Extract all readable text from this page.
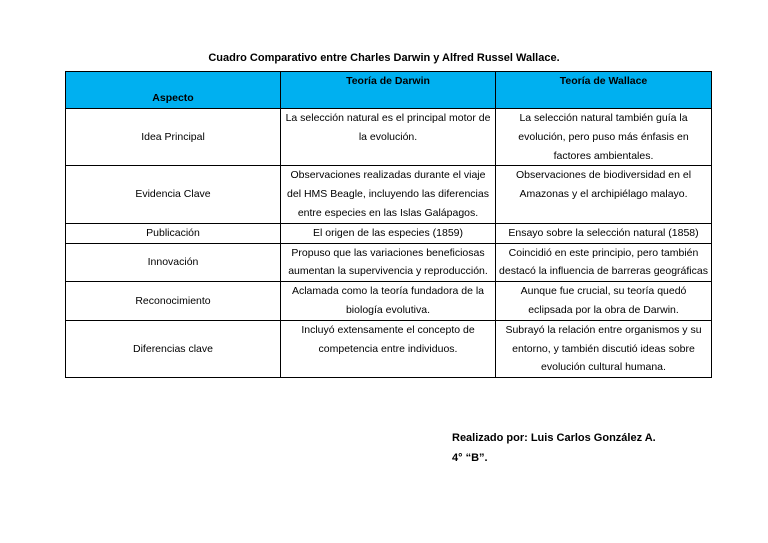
Cuadro Comparativo entre Charles Darwin y Alfred Russel Wallace.
Aspecto	Teoría de Darwin	Teoría de Wallace
Idea Principal	La selección natural es el principal motor de la evolución.	La selección natural también guía la evolución, pero puso más énfasis en factores ambientales.
Evidencia Clave	Observaciones realizadas durante el viaje del HMS Beagle, incluyendo las diferencias entre especies en las Islas Galápagos.	Observaciones de biodiversidad en el Amazonas y el archipiélago malayo.
Publicación	El origen de las especies (1859)	Ensayo sobre la selección natural (1858)
Innovación	Propuso que las variaciones beneficiosas aumentan la supervivencia y reproducción.	Coincidió en este principio, pero también destacó la influencia de barreras geográficas
Reconocimiento	Aclamada como la teoría fundadora de la biología evolutiva.	Aunque fue crucial, su teoría quedó eclipsada por la obra de Darwin.
Diferencias clave	Incluyó extensamente el concepto de competencia entre individuos.	Subrayó la relación entre organismos y su entorno, y también discutió ideas sobre evolución cultural humana.
Realizado por: Luis Carlos González A.
4° “B”.
